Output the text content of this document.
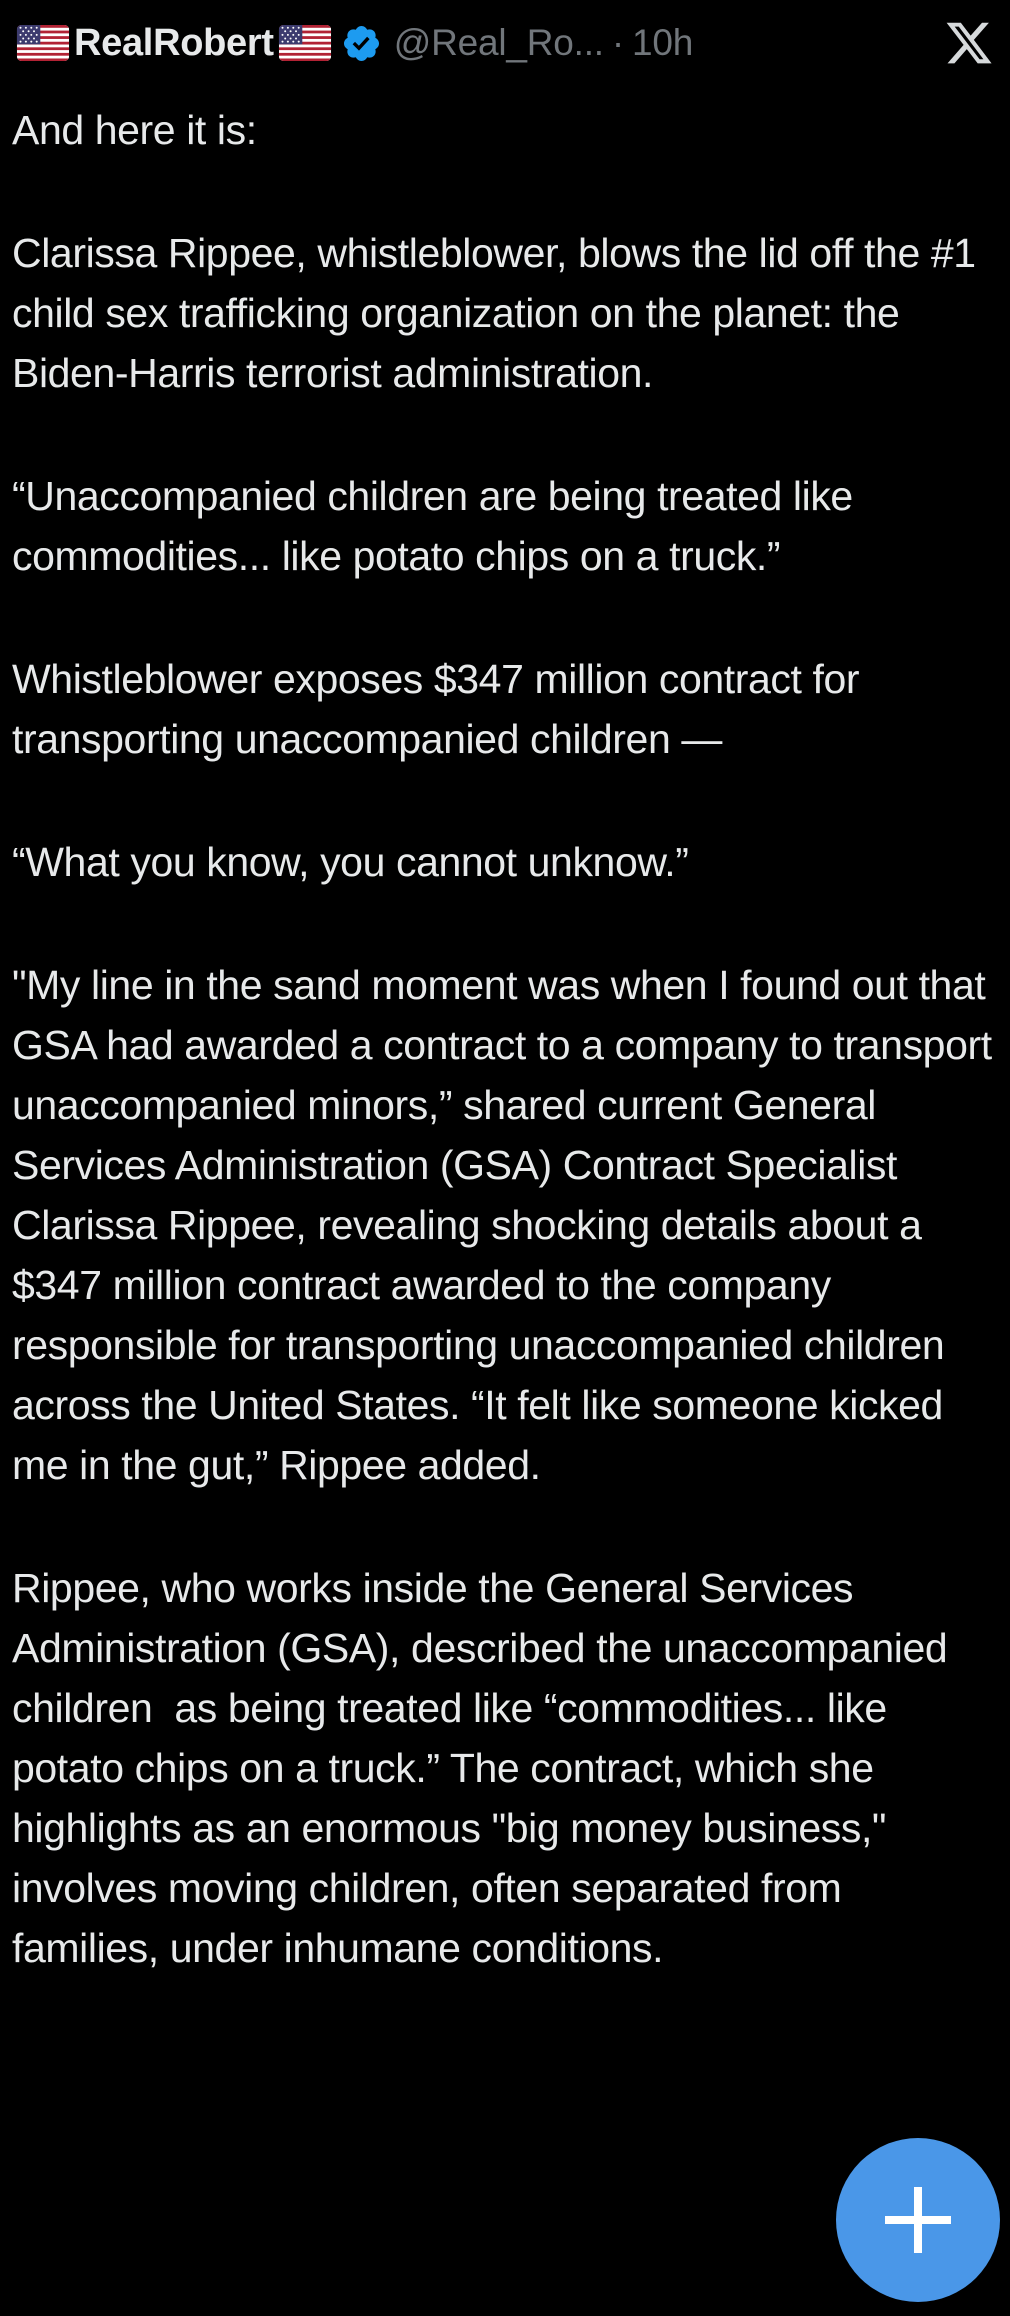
RealRobert	@Real_Ro... · 10h

And here it is:

Clarissa Rippee, whistleblower, blows the lid off the #1 child sex trafficking organization on the planet: the Biden-Harris terrorist administration.

“Unaccompanied children are being treated like commodities... like potato chips on a truck.”

Whistleblower exposes $347 million contract for transporting unaccompanied children —

“What you know, you cannot unknow.”

"My line in the sand moment was when I found out that GSA had awarded a contract to a company to transport unaccompanied minors,” shared current General Services Administration (GSA) Contract Specialist Clarissa Rippee, revealing shocking details about a $347 million contract awarded to the company responsible for transporting unaccompanied children across the United States. “It felt like someone kicked me in the gut,” Rippee added.

Rippee, who works inside the General Services Administration (GSA), described the unaccompanied children  as being treated like “commodities... like potato chips on a truck.” The contract, which she highlights as an enormous "big money business," involves moving children, often separated from families, under inhumane conditions.
